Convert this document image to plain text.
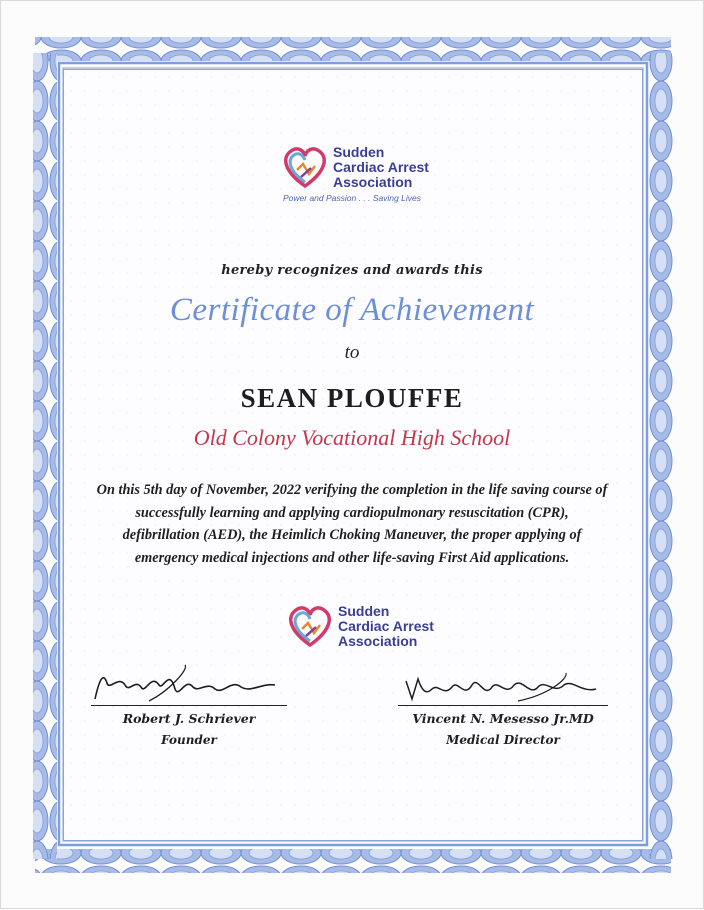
Sudden
Cardiac Arrest
Association
Power and Passion . . . Saving Lives
hereby recognizes and awards this
Certificate of Achievement
to
SEAN PLOUFFE
Old Colony Vocational High School
On this 5th day of November, 2022 verifying the completion in the life saving course of successfully learning and applying cardiopulmonary resuscitation (CPR), defibrillation (AED), the Heimlich Choking Maneuver, the proper applying of emergency medical injections and other life-saving First Aid applications.
Sudden
Cardiac Arrest
Association
Robert J. Schriever
Founder
Vincent N. Mesesso Jr.MD
Medical Director
